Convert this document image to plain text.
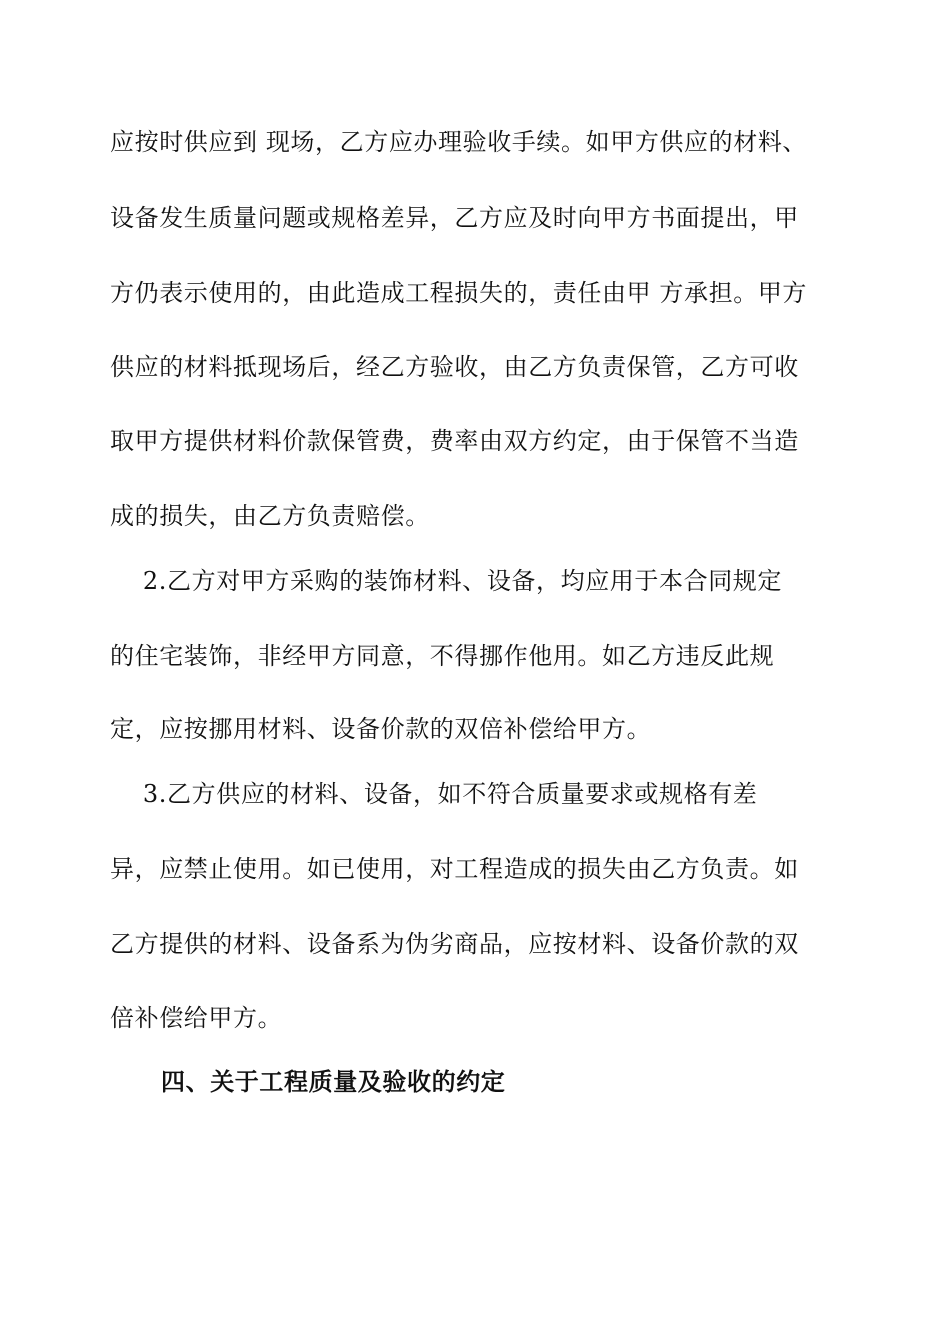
应按时供应到 现场，乙方应办理验收手续。如甲方供应的材料、
设备发生质量问题或规格差异，乙方应及时向甲方书面提出，甲
方仍表示使用的，由此造成工程损失的，责任由甲 方承担。甲方
供应的材料抵现场后，经乙方验收，由乙方负责保管，乙方可收
取甲方提供材料价款保管费，费率由双方约定，由于保管不当造
成的损失，由乙方负责赔偿。
2.乙方对甲方采购的装饰材料、设备，均应用于本合同规定
的住宅装饰，非经甲方同意，不得挪作他用。如乙方违反此规
定，应按挪用材料、设备价款的双倍补偿给甲方。
3.乙方供应的材料、设备，如不符合质量要求或规格有差
异，应禁止使用。如已使用，对工程造成的损失由乙方负责。如
乙方提供的材料、设备系为伪劣商品，应按材料、设备价款的双
倍补偿给甲方。
四、关于工程质量及验收的约定
